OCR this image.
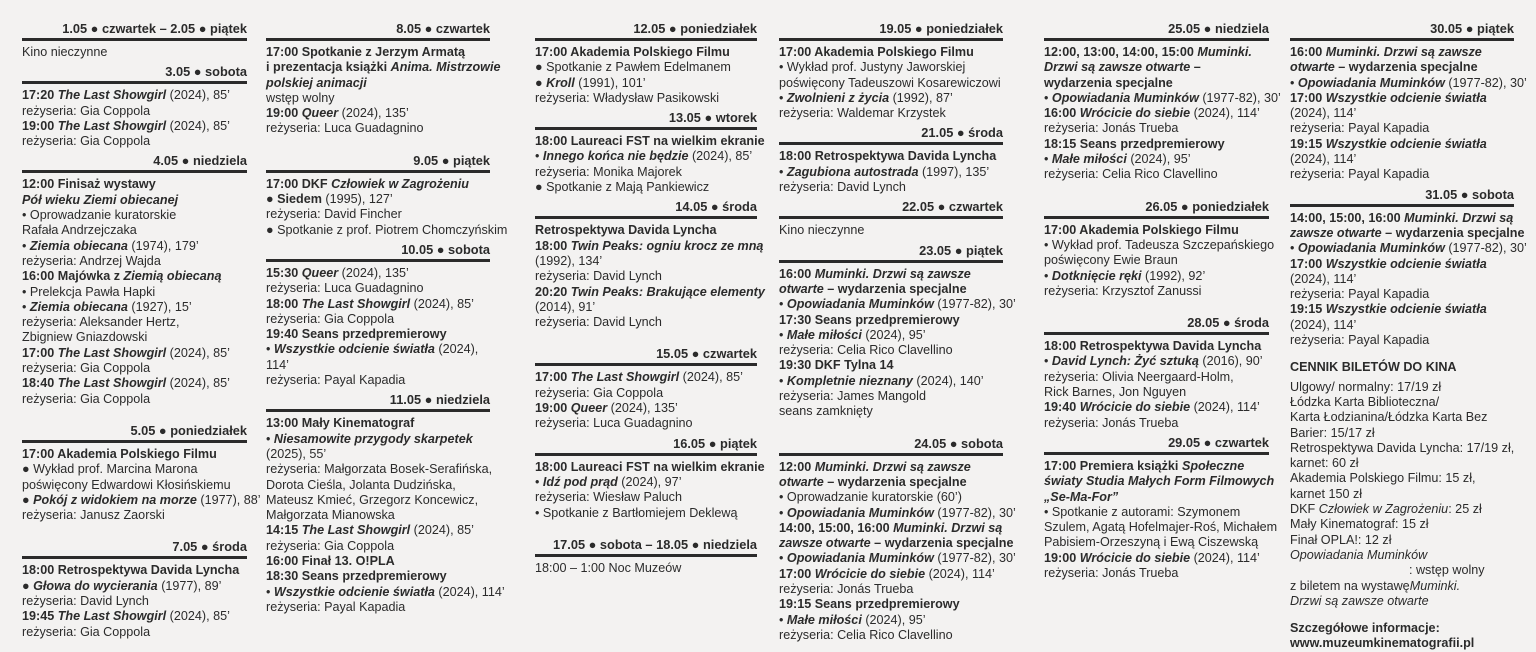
1.05 ● czwartek – 2.05 ● piątek
Kino nieczynne
3.05 ● sobota
17:20 The Last Showgirl (2024), 85’
reżyseria: Gia Coppola
19:00 The Last Showgirl (2024), 85’
reżyseria: Gia Coppola
4.05 ● niedziela
12:00 Finisaż wystawy
Pół wieku Ziemi obiecanej
• Oprowadzanie kuratorskie
Rafała Andrzejczaka
• Ziemia obiecana (1974), 179’
reżyseria: Andrzej Wajda
16:00 Majówka z Ziemią obiecaną
• Prelekcja Pawła Hapki
• Ziemia obiecana (1927), 15’
reżyseria: Aleksander Hertz,
Zbigniew Gniazdowski
17:00 The Last Showgirl (2024), 85’
reżyseria: Gia Coppola
18:40 The Last Showgirl (2024), 85’
reżyseria: Gia Coppola
5.05 ● poniedziałek
17:00 Akademia Polskiego Filmu
● Wykład prof. Marcina Marona
poświęcony Edwardowi Kłosińskiemu
● Pokój z widokiem na morze (1977), 88’
reżyseria: Janusz Zaorski
7.05 ● środa
18:00 Retrospektywa Davida Lyncha
● Głowa do wycierania (1977), 89’
reżyseria: David Lynch
19:45 The Last Showgirl (2024), 85’
reżyseria: Gia Coppola
8.05 ● czwartek
17:00 Spotkanie z Jerzym Armatą
i prezentacja książki Anima. Mistrzowie
polskiej animacji
wstęp wolny
19:00 Queer (2024), 135’
reżyseria: Luca Guadagnino
9.05 ● piątek
17:00 DKF Człowiek w Zagrożeniu
● Siedem (1995), 127’
reżyseria: David Fincher
● Spotkanie z prof. Piotrem Chomczyńskim
10.05 ● sobota
15:30 Queer (2024), 135’
reżyseria: Luca Guadagnino
18:00 The Last Showgirl (2024), 85’
reżyseria: Gia Coppola
19:40 Seans przedpremierowy
• Wszystkie odcienie światła (2024),
114’
reżyseria: Payal Kapadia
11.05 ● niedziela
13:00 Mały Kinematograf
• Niesamowite przygody skarpetek
(2025), 55’
reżyseria: Małgorzata Bosek-Serafińska,
Dorota Cieśla, Jolanta Dudzińska,
Mateusz Kmieć, Grzegorz Koncewicz,
Małgorzata Mianowska
14:15 The Last Showgirl (2024), 85’
reżyseria: Gia Coppola
16:00 Finał 13. O!PLA
18:30 Seans przedpremierowy
• Wszystkie odcienie światła (2024), 114’
reżyseria: Payal Kapadia
12.05 ● poniedziałek
17:00 Akademia Polskiego Filmu
● Spotkanie z Pawłem Edelmanem
● Kroll (1991), 101’
reżyseria: Władysław Pasikowski
13.05 ● wtorek
18:00 Laureaci FST na wielkim ekranie
• Innego końca nie będzie (2024), 85’
reżyseria: Monika Majorek
● Spotkanie z Mają Pankiewicz
14.05 ● środa
Retrospektywa Davida Lyncha
18:00 Twin Peaks: ogniu krocz ze mną
(1992), 134’
reżyseria: David Lynch
20:20 Twin Peaks: Brakujące elementy
(2014), 91’
reżyseria: David Lynch
15.05 ● czwartek
17:00 The Last Showgirl (2024), 85’
reżyseria: Gia Coppola
19:00 Queer (2024), 135’
reżyseria: Luca Guadagnino
16.05 ● piątek
18:00 Laureaci FST na wielkim ekranie
• Idź pod prąd (2024), 97’
reżyseria: Wiesław Paluch
• Spotkanie z Bartłomiejem Deklewą
17.05 ● sobota – 18.05 ● niedziela
18:00 – 1:00 Noc Muzeów
19.05 ● poniedziałek
17:00 Akademia Polskiego Filmu
• Wykład prof. Justyny Jaworskiej
poświęcony Tadeuszowi Kosarewiczowi
• Zwolnieni z życia (1992), 87’
reżyseria: Waldemar Krzystek
21.05 ● środa
18:00 Retrospektywa Davida Lyncha
• Zagubiona autostrada (1997), 135’
reżyseria: David Lynch
22.05 ● czwartek
Kino nieczynne
23.05 ● piątek
16:00 Muminki. Drzwi są zawsze
otwarte – wydarzenia specjalne
• Opowiadania Muminków (1977-82), 30’
17:30 Seans przedpremierowy
• Małe miłości (2024), 95’
reżyseria: Celia Rico Clavellino
19:30 DKF Tylna 14
• Kompletnie nieznany (2024), 140’
reżyseria: James Mangold
seans zamknięty
24.05 ● sobota
12:00 Muminki. Drzwi są zawsze
otwarte – wydarzenia specjalne
• Oprowadzanie kuratorskie (60’)
• Opowiadania Muminków (1977-82), 30’
14:00, 15:00, 16:00 Muminki. Drzwi są
zawsze otwarte – wydarzenia specjalne
• Opowiadania Muminków (1977-82), 30’
17:00 Wrócicie do siebie (2024), 114’
reżyseria: Jonás Trueba
19:15 Seans przedpremierowy
• Małe miłości (2024), 95’
reżyseria: Celia Rico Clavellino
25.05 ● niedziela
12:00, 13:00, 14:00, 15:00 Muminki.
Drzwi są zawsze otwarte –
wydarzenia specjalne
• Opowiadania Muminków (1977-82), 30’
16:00 Wrócicie do siebie (2024), 114’
reżyseria: Jonás Trueba
18:15 Seans przedpremierowy
• Małe miłości (2024), 95’
reżyseria: Celia Rico Clavellino
26.05 ● poniedziałek
17:00 Akademia Polskiego Filmu
• Wykład prof. Tadeusza Szczepańskiego
poświęcony Ewie Braun
• Dotknięcie ręki (1992), 92’
reżyseria: Krzysztof Zanussi
28.05 ● środa
18:00 Retrospektywa Davida Lyncha
• David Lynch: Żyć sztuką (2016), 90’
reżyseria: Olivia Neergaard-Holm,
Rick Barnes, Jon Nguyen
19:40 Wrócicie do siebie (2024), 114’
reżyseria: Jonás Trueba
29.05 ● czwartek
17:00 Premiera książki Społeczne
światy Studia Małych Form Filmowych
„Se-Ma-For”
• Spotkanie z autorami: Szymonem
Szulem, Agatą Hofelmajer-Roś, Michałem
Pabisiem-Orzeszyną i Ewą Ciszewską
19:00 Wrócicie do siebie (2024), 114’
reżyseria: Jonás Trueba
30.05 ● piątek
16:00 Muminki. Drzwi są zawsze
otwarte – wydarzenia specjalne
• Opowiadania Muminków (1977-82), 30’
17:00 Wszystkie odcienie światła
(2024), 114’
reżyseria: Payal Kapadia
19:15 Wszystkie odcienie światła
(2024), 114’
reżyseria: Payal Kapadia
31.05 ● sobota
14:00, 15:00, 16:00 Muminki. Drzwi są
zawsze otwarte – wydarzenia specjalne
• Opowiadania Muminków (1977-82), 30’
17:00 Wszystkie odcienie światła
(2024), 114’
reżyseria: Payal Kapadia
19:15 Wszystkie odcienie światła
(2024), 114’
reżyseria: Payal Kapadia
CENNIK BILETÓW DO KINA
Ulgowy/ normalny: 17/19 zł
Łódzka Karta Biblioteczna/
Karta Łodzianina/Łódzka Karta Bez
Barier: 15/17 zł
Retrospektywa Davida Lyncha: 17/19 zł,
karnet: 60 zł
Akademia Polskiego Filmu: 15 zł,
karnet 150 zł
DKF Człowiek w Zagrożeniu: 25 zł
Mały Kinematograf: 15 zł
Finał OPLA!: 12 zł
Opowiadania Muminków
: wstęp wolny
z biletem na wystawęMuminki.
Drzwi są zawsze otwarte
Szczegółowe informacje:
www.muzeumkinematografii.pl
